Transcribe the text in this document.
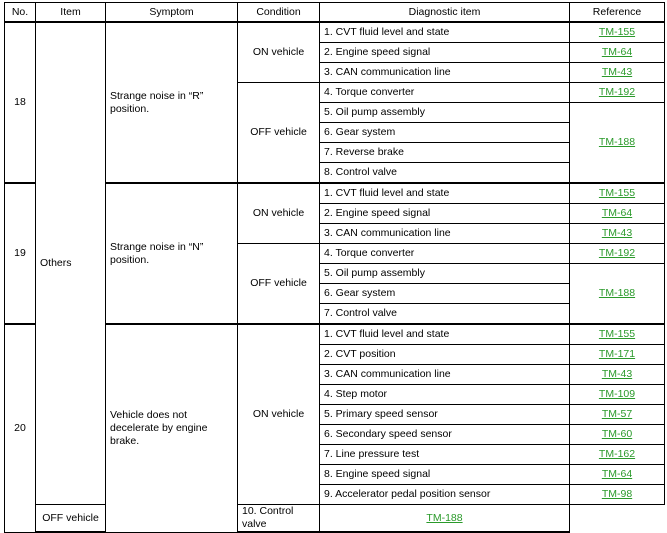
No.	Item	Symptom	Condition	Diagnostic item	Reference
18	Others	Strange noise in “R” position.	ON vehicle	1. CVT fluid level and state	TM-155
				2. Engine speed signal	TM-64
				3. CAN communication line	TM-43
			OFF vehicle	4. Torque converter	TM-192
				5. Oil pump assembly	TM-188
				6. Gear system	
				7. Reverse brake	
				8. Control valve	
19		Strange noise in “N” position.	ON vehicle	1. CVT fluid level and state	TM-155
				2. Engine speed signal	TM-64
				3. CAN communication line	TM-43
			OFF vehicle	4. Torque converter	TM-192
				5. Oil pump assembly	TM-188
				6. Gear system	
				7. Control valve	
20		Vehicle does not decelerate by engine brake.	ON vehicle	1. CVT fluid level and state	TM-155
				2. CVT position	TM-171
				3. CAN communication line	TM-43
				4. Step motor	TM-109
				5. Primary speed sensor	TM-57
				6. Secondary speed sensor	TM-60
				7. Line pressure test	TM-162
				8. Engine speed signal	TM-64
				9. Accelerator pedal position sensor	TM-98
	OFF vehicle		10. Control valve	TM-188	
